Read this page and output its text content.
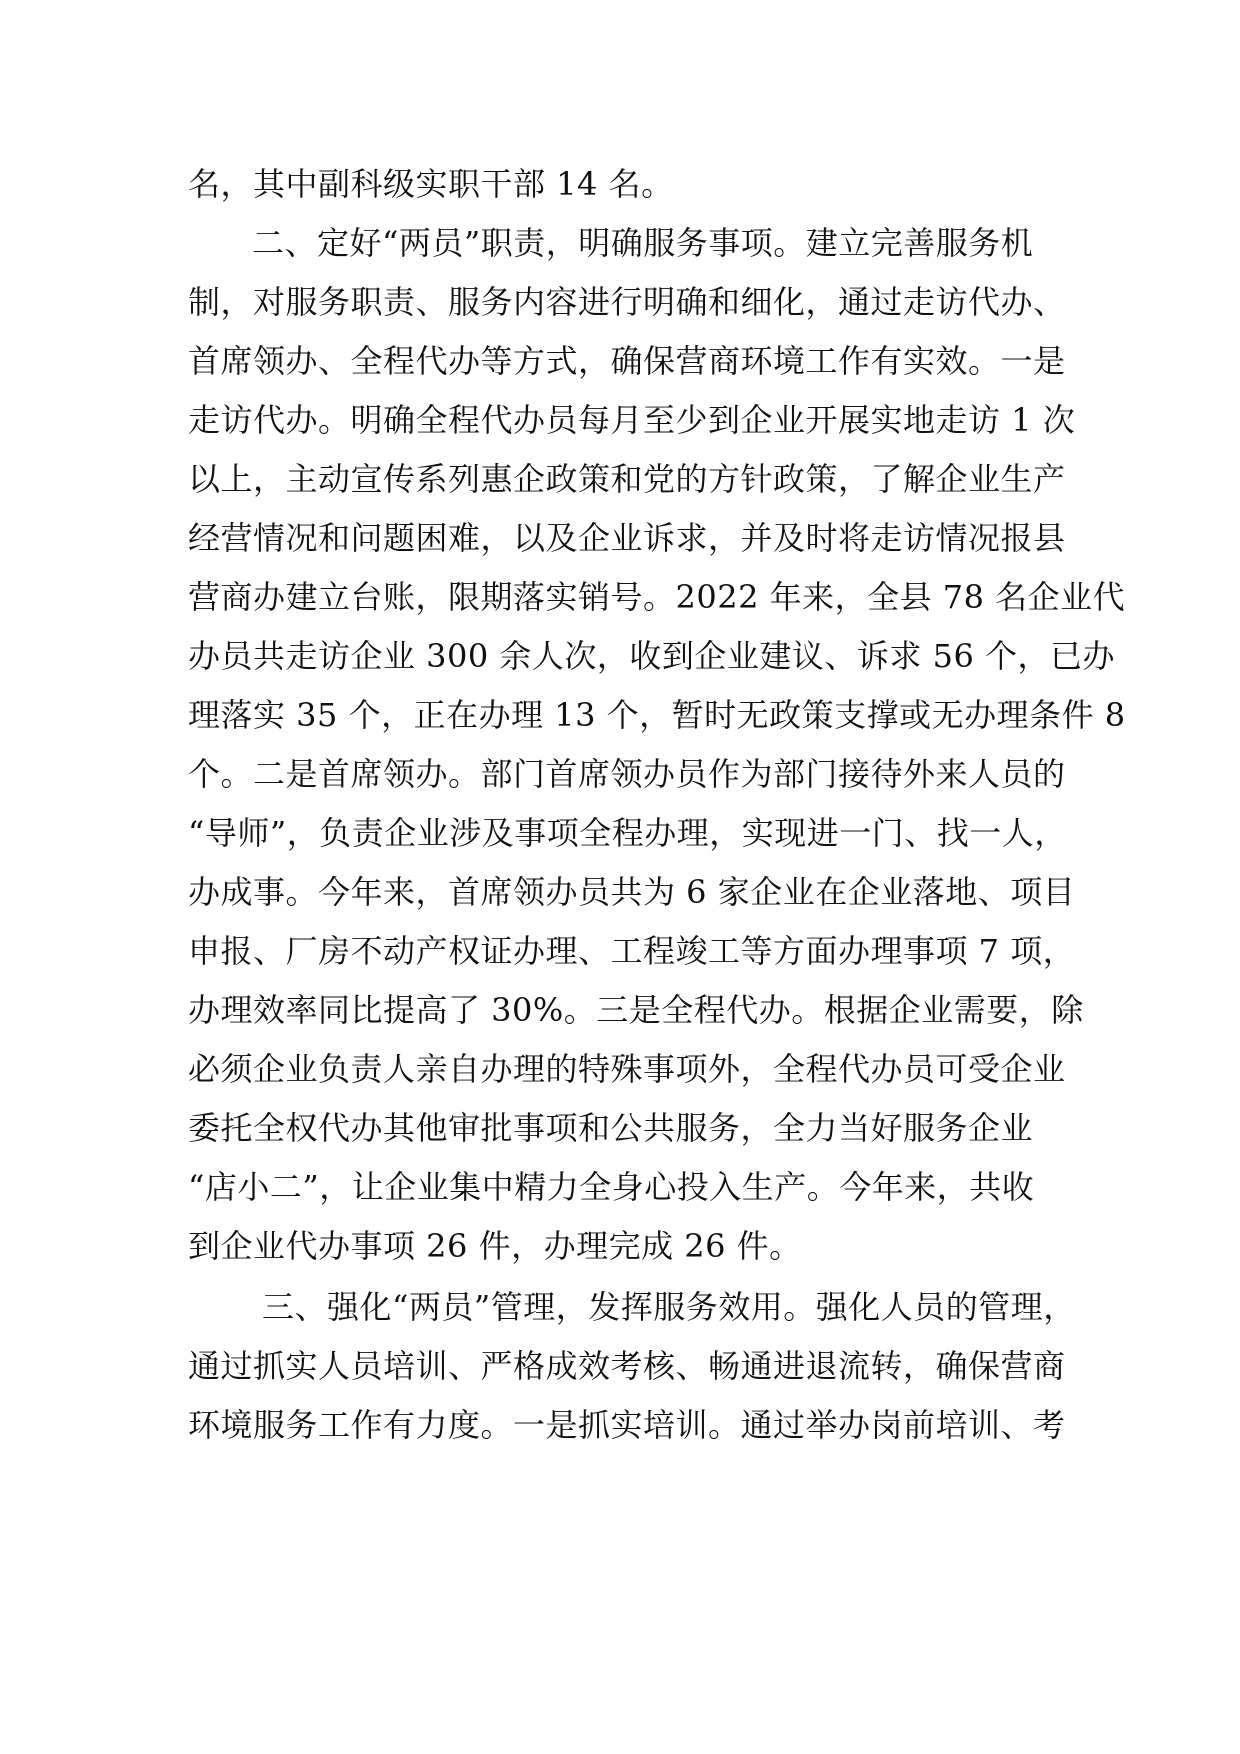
名，其中副科级实职干部 14 名。
二、定好“两员”职责，明确服务事项。建立完善服务机
制，对服务职责、服务内容进行明确和细化，通过走访代办、
首席领办、全程代办等方式，确保营商环境工作有实效。一是
走访代办。明确全程代办员每月至少到企业开展实地走访 1 次
以上，主动宣传系列惠企政策和党的方针政策，了解企业生产
经营情况和问题困难，以及企业诉求，并及时将走访情况报县
营商办建立台账，限期落实销号。2022 年来，全县 78 名企业代
办员共走访企业 300 余人次，收到企业建议、诉求 56 个，已办
理落实 35 个，正在办理 13 个，暂时无政策支撑或无办理条件 8
个。二是首席领办。部门首席领办员作为部门接待外来人员的
“导师”，负责企业涉及事项全程办理，实现进一门、找一人，
办成事。今年来，首席领办员共为 6 家企业在企业落地、项目
申报、厂房不动产权证办理、工程竣工等方面办理事项 7 项，
办理效率同比提高了 30%。三是全程代办。根据企业需要，除
必须企业负责人亲自办理的特殊事项外，全程代办员可受企业
委托全权代办其他审批事项和公共服务，全力当好服务企业
“店小二”，让企业集中精力全身心投入生产。今年来，共收
到企业代办事项 26 件，办理完成 26 件。
三、强化“两员”管理，发挥服务效用。强化人员的管理，
通过抓实人员培训、严格成效考核、畅通进退流转，确保营商
环境服务工作有力度。一是抓实培训。通过举办岗前培训、考
